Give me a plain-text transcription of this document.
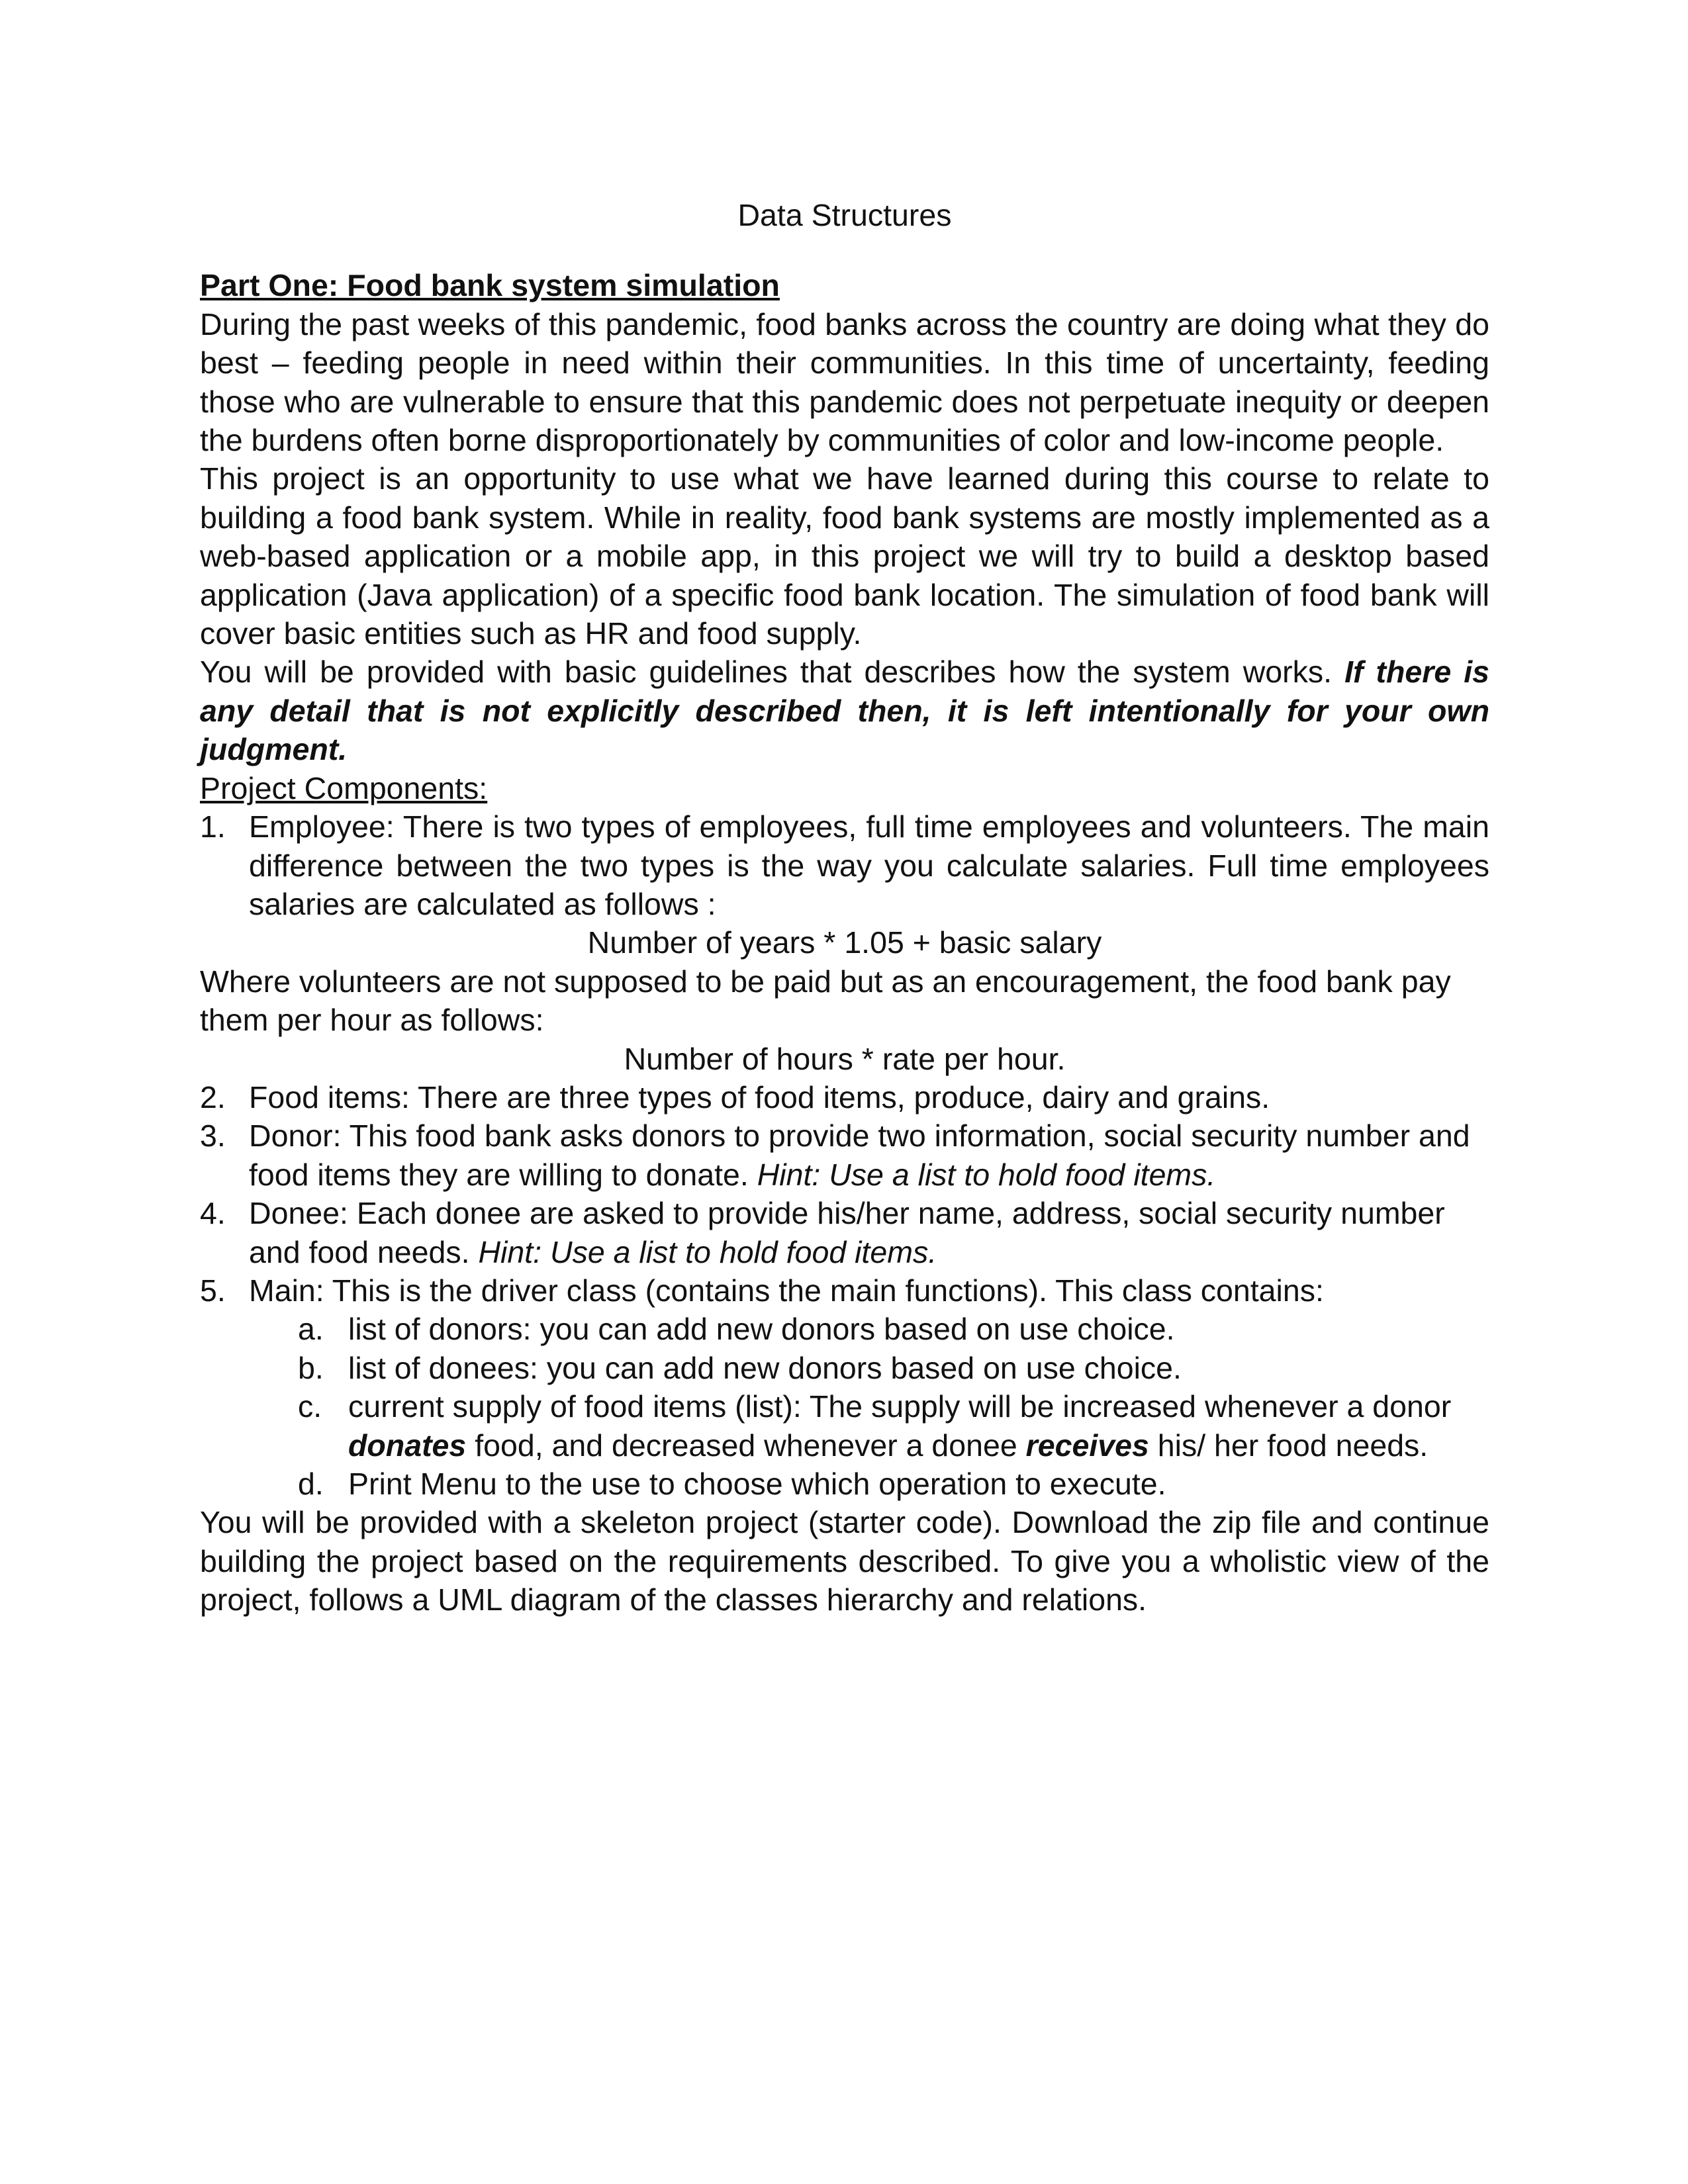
Data Structures

Part One: Food bank system simulation

During the past weeks of this pandemic, food banks across the country are doing what they do best – feeding people in need within their communities. In this time of uncertainty, feeding those who are vulnerable to ensure that this pandemic does not perpetuate inequity or deepen the burdens often borne disproportionately by communities of color and low-income people.

This project is an opportunity to use what we have learned during this course to relate to building a food bank system. While in reality, food bank systems are mostly implemented as a web-based application or a mobile app, in this project we will try to build a desktop based application (Java application) of a specific food bank location. The simulation of food bank will cover basic entities such as HR and food supply.

You will be provided with basic guidelines that describes how the system works. If there is any detail that is not explicitly described then, it is left intentionally for your own judgment.

Project Components:

1. Employee: There is two types of employees, full time employees and volunteers. The main difference between the two types is the way you calculate salaries. Full time employees salaries are calculated as follows :

Number of years * 1.05 + basic salary

Where volunteers are not supposed to be paid but as an encouragement, the food bank pay them per hour as follows:

Number of hours * rate per hour.

2. Food items: There are three types of food items, produce, dairy and grains.
3. Donor: This food bank asks donors to provide two information, social security number and food items they are willing to donate. Hint: Use a list to hold food items.
4. Donee: Each donee are asked to provide his/her name, address, social security number and food needs. Hint: Use a list to hold food items.
5. Main: This is the driver class (contains the main functions). This class contains:
a. list of donors: you can add new donors based on use choice.
b. list of donees: you can add new donors based on use choice.
c. current supply of food items (list): The supply will be increased whenever a donor donates food, and decreased whenever a donee receives his/ her food needs.
d. Print Menu to the use to choose which operation to execute.

You will be provided with a skeleton project (starter code). Download the zip file and continue building the project based on the requirements described. To give you a wholistic view of the project, follows a UML diagram of the classes hierarchy and relations.
